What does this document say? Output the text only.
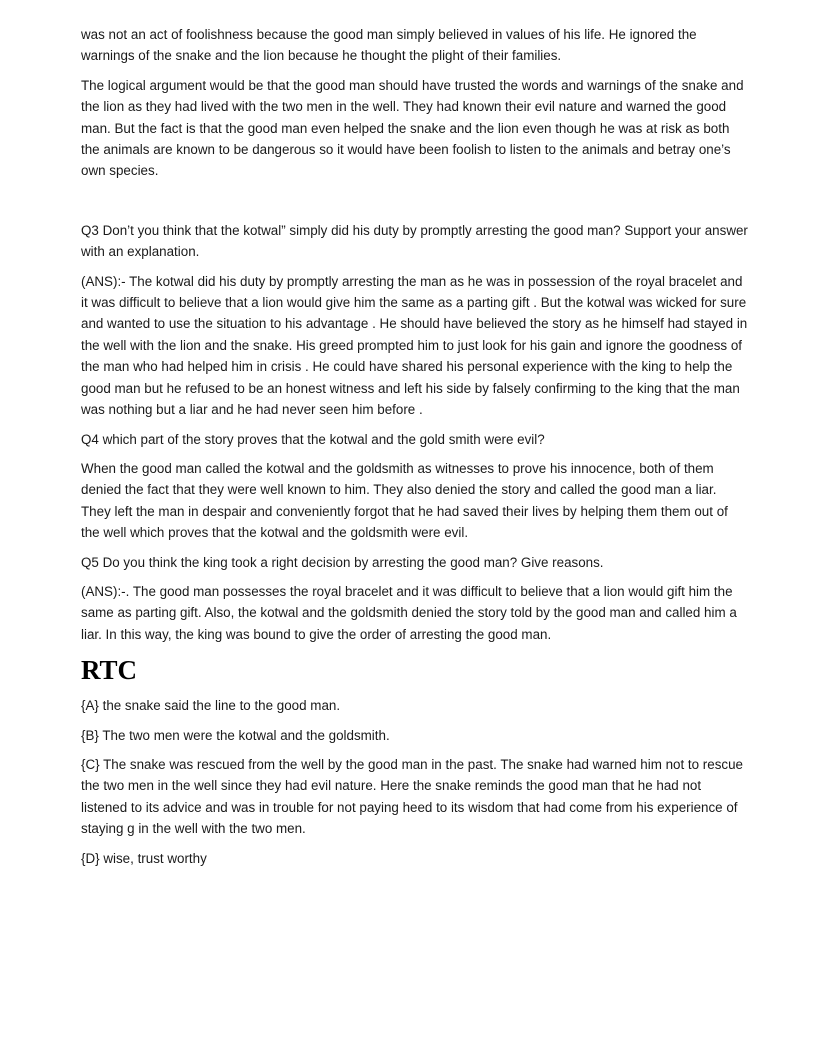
was not an act of foolishness because the good man simply believed in values of his life. He ignored the warnings of the snake and the lion because he thought the plight of their families.

The logical argument would be that the good man should have trusted the words and warnings of the snake and the lion as they had lived with the two men in the well. They had known their evil nature and warned the good man. But the fact is that the good man even helped the snake and the lion even though he was at risk as both the animals are known to be dangerous so it would have been foolish to listen to the animals and betray one’s own species.

Q3 Don’t you think that the kotwal” simply did his duty by promptly arresting the good man? Support your answer with an explanation.

(ANS):- The kotwal did his duty by promptly arresting the man as he was in possession of the royal bracelet and it was difficult to believe that a lion would give him the same as a parting gift . But the kotwal was wicked for sure and wanted to use the situation to his advantage . He should have believed the story as he himself had stayed in the well with the lion and the snake. His greed prompted him to just look for his gain and ignore the goodness of the man who had helped him in crisis . He could have shared his personal experience with the king to help the good man but he refused to be an honest witness and left his side by falsely confirming to the king that the man was nothing but a liar and he had never seen him before .

Q4 which part of the story proves that the kotwal and the gold smith were evil?

When the good man called the kotwal and the goldsmith as witnesses to prove his innocence, both of them denied the fact that they were well known to him. They also denied the story and called the good man a liar. They left the man in despair and conveniently forgot that he had saved their lives by helping them them out of the well which proves that the kotwal and the goldsmith were evil.

Q5 Do you think the king took a right decision by arresting the good man? Give reasons.

(ANS):-. The good man possesses the royal bracelet and it was difficult to believe that a lion would gift him the same as parting gift. Also, the kotwal and the goldsmith denied the story told by the good man and called him a liar. In this way, the king was bound to give the order of arresting the good man.

RTC

{A} the snake said the line to the good man.

{B} The two men were the kotwal and the goldsmith.

{C} The snake was rescued from the well by the good man in the past. The snake had warned him not to rescue the two men in the well since they had evil nature. Here the snake reminds the good man that he had not listened to its advice and was in trouble for not paying heed to its wisdom that had come from his experience of staying g in the well with the two men.

{D} wise, trust worthy
